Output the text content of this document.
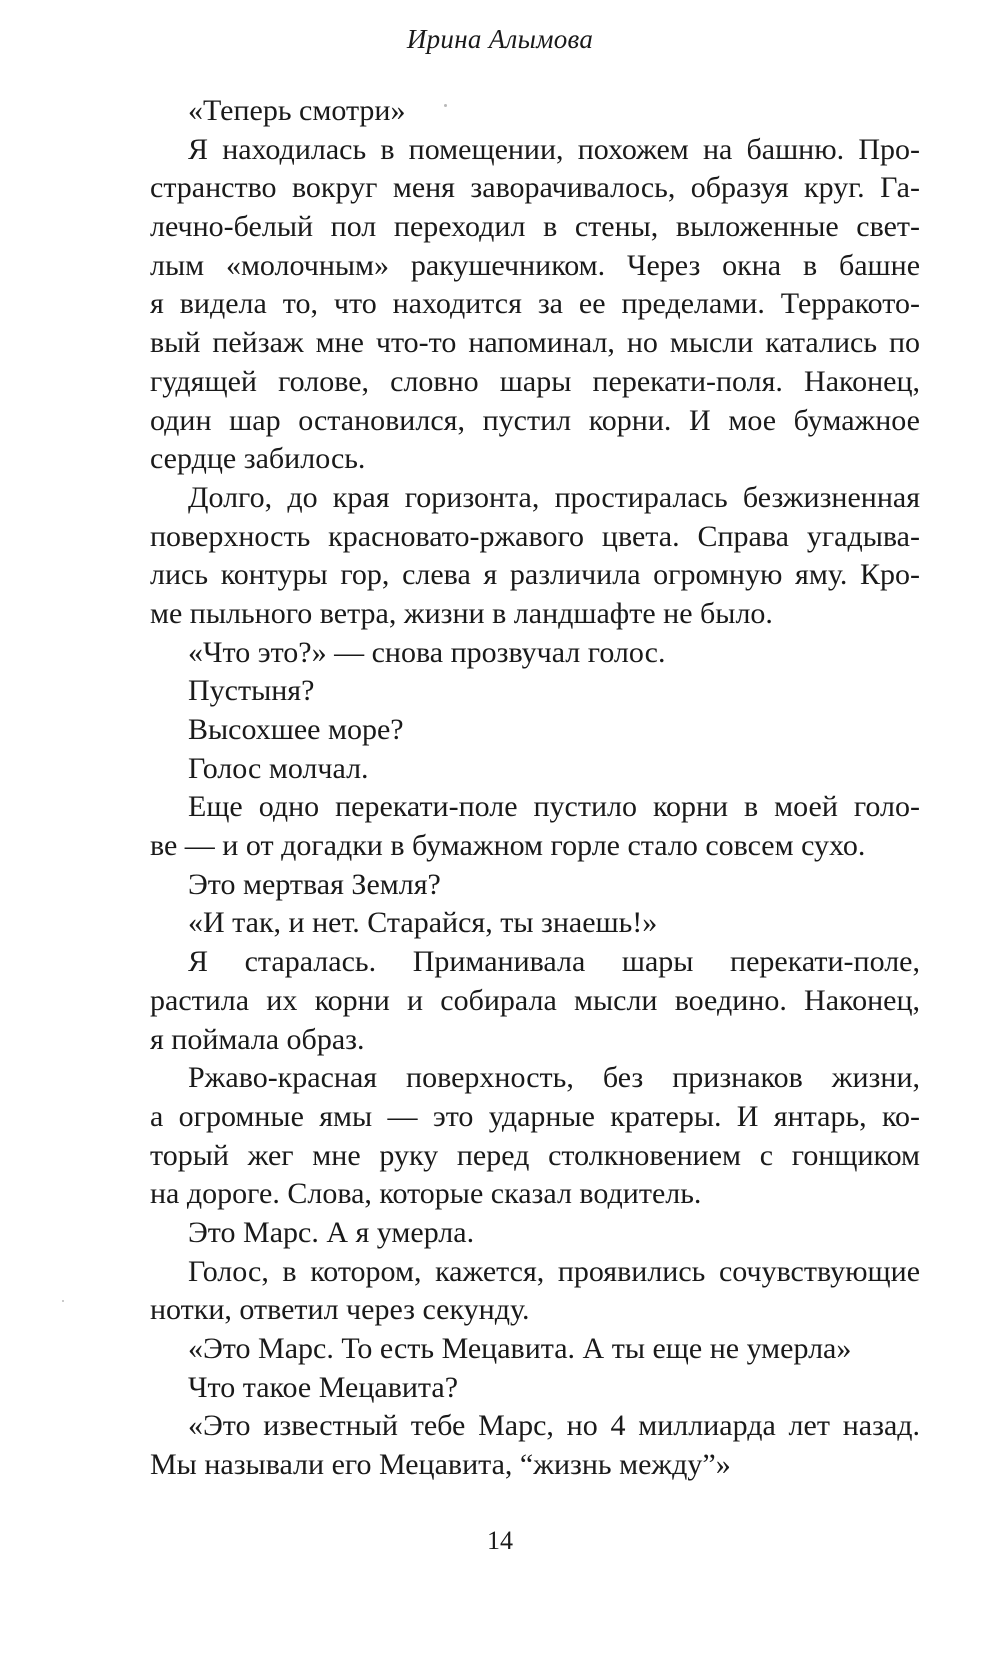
Ирина Алымова
«Теперь смотри»
Я находилась в помещении, похожем на башню. Про-
странство вокруг меня заворачивалось, образуя круг. Га-
лечно-белый пол переходил в стены, выложенные свет-
лым «молочным» ракушечником. Через окна в башне
я видела то, что находится за ее пределами. Терракото-
вый пейзаж мне что-то напоминал, но мысли катались по
гудящей голове, словно шары перекати-поля. Наконец,
один шар остановился, пустил корни. И мое бумажное
сердце забилось.
Долго, до края горизонта, простиралась безжизненная
поверхность красновато-ржавого цвета. Справа угадыва-
лись контуры гор, слева я различила огромную яму. Кро-
ме пыльного ветра, жизни в ландшафте не было.
«Что это?» — снова прозвучал голос.
Пустыня?
Высохшее море?
Голос молчал.
Еще одно перекати-поле пустило корни в моей голо-
ве — и от догадки в бумажном горле стало совсем сухо.
Это мертвая Земля?
«И так, и нет. Старайся, ты знаешь!»
Я старалась. Приманивала шары перекати-поле,
растила их корни и собирала мысли воедино. Наконец,
я поймала образ.
Ржаво-красная поверхность, без признаков жизни,
а огромные ямы — это ударные кратеры. И янтарь, ко-
торый жег мне руку перед столкновением с гонщиком
на дороге. Слова, которые сказал водитель.
Это Марс. А я умерла.
Голос, в котором, кажется, проявились сочувствующие
нотки, ответил через секунду.
«Это Марс. То есть Мецавита. А ты еще не умерла»
Что такое Мецавита?
«Это известный тебе Марс, но 4 миллиарда лет назад.
Мы называли его Мецавита, “жизнь между”»
14
